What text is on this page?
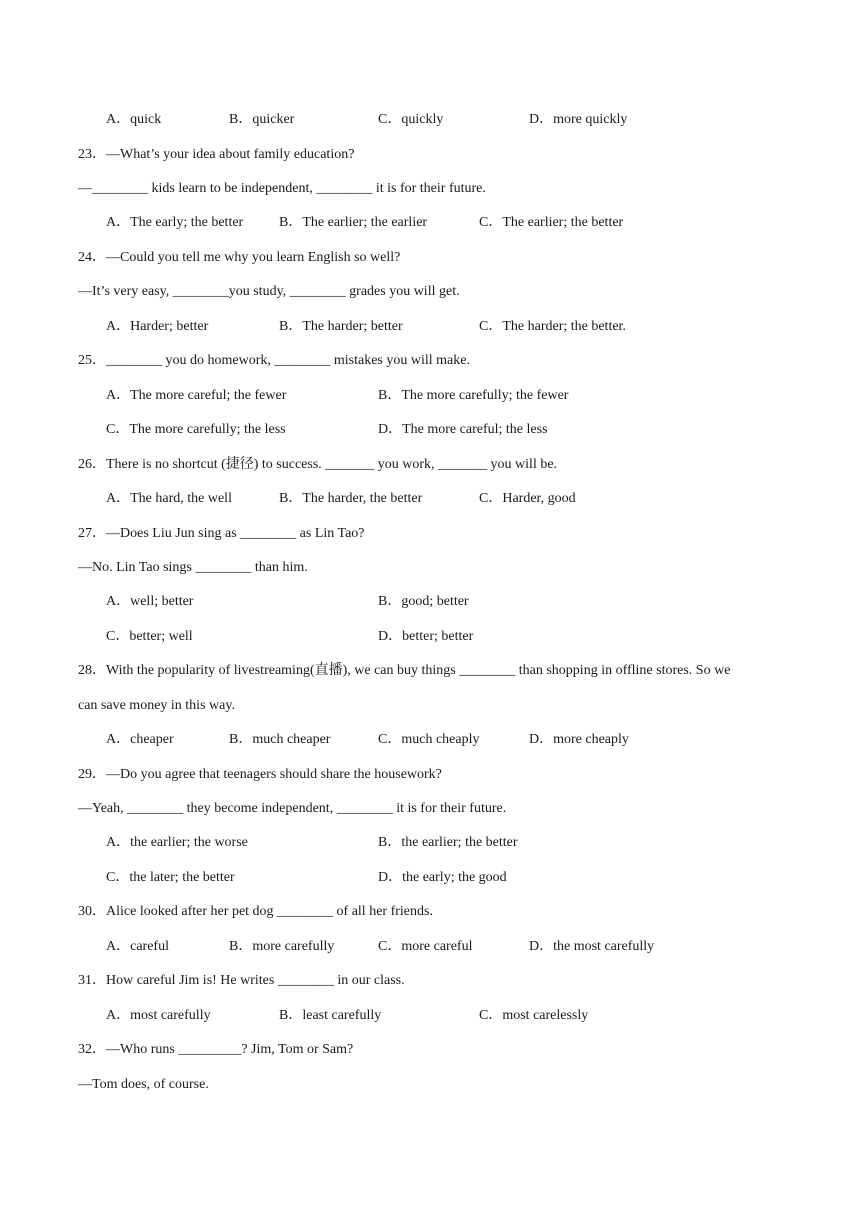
A．quick	B．quicker	C．quickly	D．more quickly
23．—What’s your idea about family education?
—________ kids learn to be independent, ________ it is for their future.
A．The early; the better	B．The earlier; the earlier	C．The earlier; the better
24．—Could you tell me why you learn English so well?
—It’s very easy, ________you study, ________ grades you will get.
A．Harder; better	B．The harder; better	C．The harder; the better.
25．________ you do homework, ________ mistakes you will make.
A．The more careful; the fewer	B．The more carefully; the fewer
C．The more carefully; the less	D．The more careful; the less
26．There is no shortcut (捷径) to success. _______ you work, _______ you will be.
A．The hard, the well	B．The harder, the better	C．Harder, good
27．—Does Liu Jun sing as ________ as Lin Tao?
—No. Lin Tao sings ________ than him.
A．well; better	B．good; better
C．better; well	D．better; better
28．With the popularity of livestreaming(直播), we can buy things ________ than shopping in offline stores. So we
can save money in this way.
A．cheaper	B．much cheaper	C．much cheaply	D．more cheaply
29．—Do you agree that teenagers should share the housework?
—Yeah, ________ they become independent, ________ it is for their future.
A．the earlier; the worse	B．the earlier; the better
C．the later; the better	D．the early; the good
30．Alice looked after her pet dog ________ of all her friends.
A．careful	B．more carefully	C．more careful	D．the most carefully
31．How careful Jim is! He writes ________ in our class.
A．most carefully	B．least carefully	C．most carelessly
32．—Who runs _________? Jim, Tom or Sam?
—Tom does, of course.
